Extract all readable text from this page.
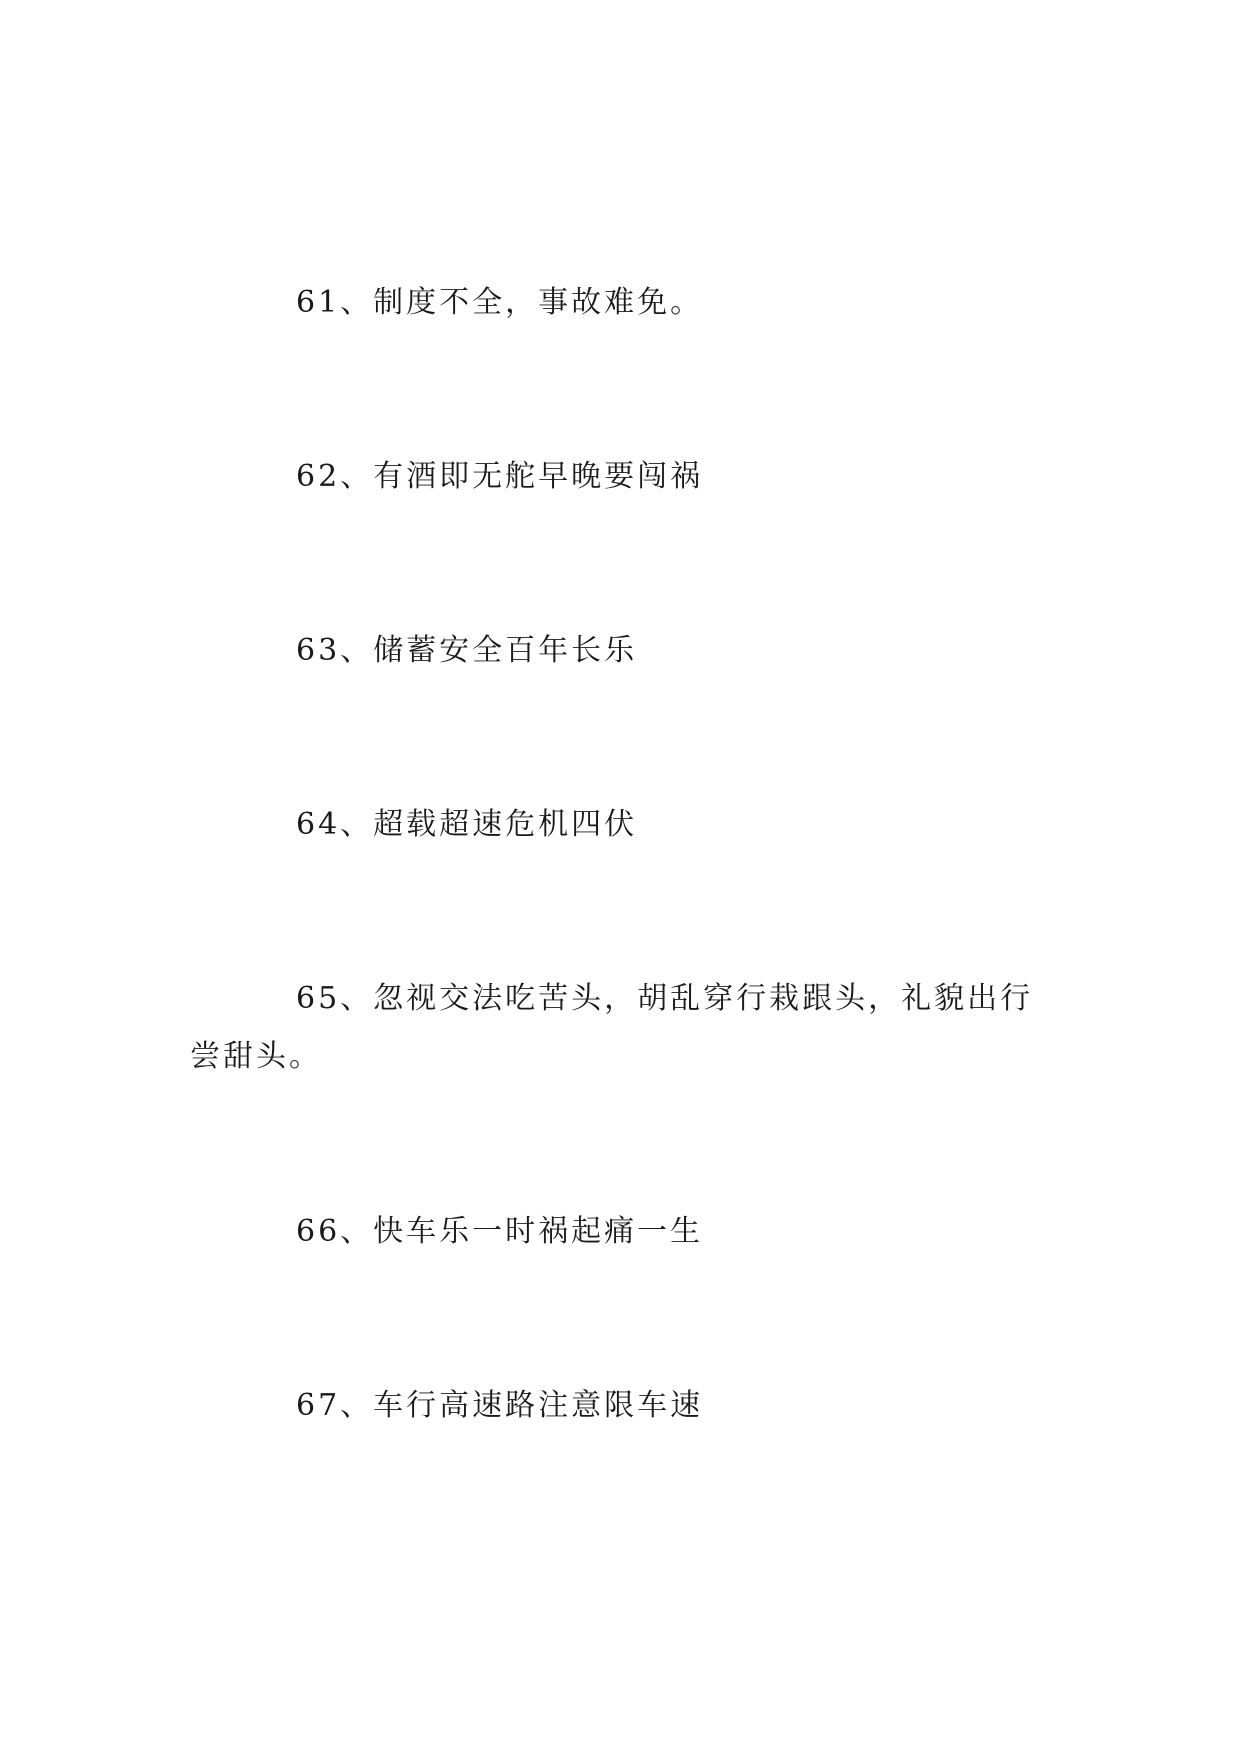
61、制度不全，事故难免。

62、有酒即无舵早晚要闯祸

63、储蓄安全百年长乐

64、超载超速危机四伏

65、忽视交法吃苦头，胡乱穿行栽跟头，礼貌出行尝甜头。

66、快车乐一时祸起痛一生

67、车行高速路注意限车速
